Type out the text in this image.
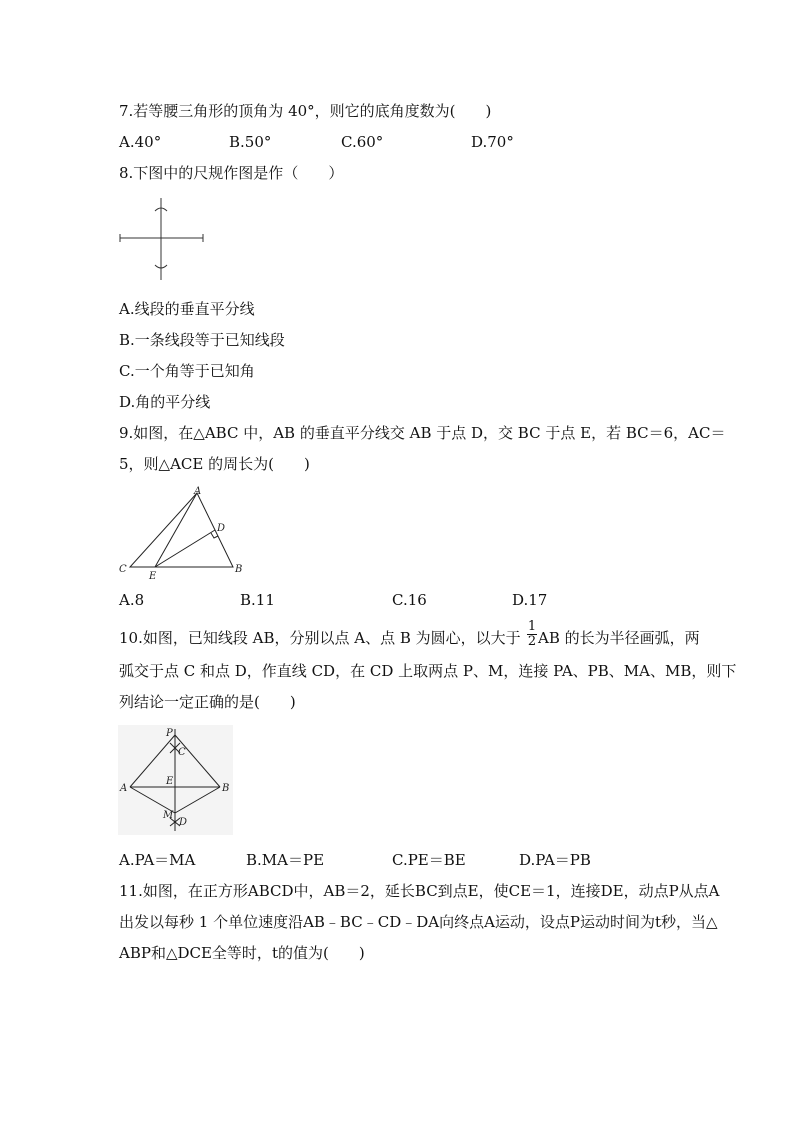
7.若等腰三角形的顶角为 40°，则它的底角度数为(　　)
A.40°	B.50°	C.60°	D.70°
8.下图中的尺规作图是作（　　）
A.线段的垂直平分线
B.一条线段等于已知线段
C.一个角等于已知角
D.角的平分线
9.如图，在△ABC 中，AB 的垂直平分线交 AB 于点 D，交 BC 于点 E，若 BC＝6，AC＝
5，则△ACE 的周长为(　　)
A
D
C
E
B
A.8	B.11	C.16	D.17
10.如图，已知线段 AB，分别以点 A、点 B 为圆心，以大于 $\frac{1}{2}$ AB 的长为半径画弧，两
弧交于点 C 和点 D，作直线 CD，在 CD 上取两点 P、M，连接 PA、PB、MA、MB，则下
列结论一定正确的是(　　)
P
C
E
A	B
M
D
A.PA＝MA	B.MA＝PE	C.PE＝BE	D.PA＝PB
11.如图，在正方形ABCD中，AB＝2，延长BC到点E，使CE＝1，连接DE，动点P从点A
出发以每秒 1 个单位速度沿AB﹣BC﹣CD﹣DA向终点A运动，设点P运动时间为t秒，当△
ABP和△DCE全等时，t的值为(　　)
